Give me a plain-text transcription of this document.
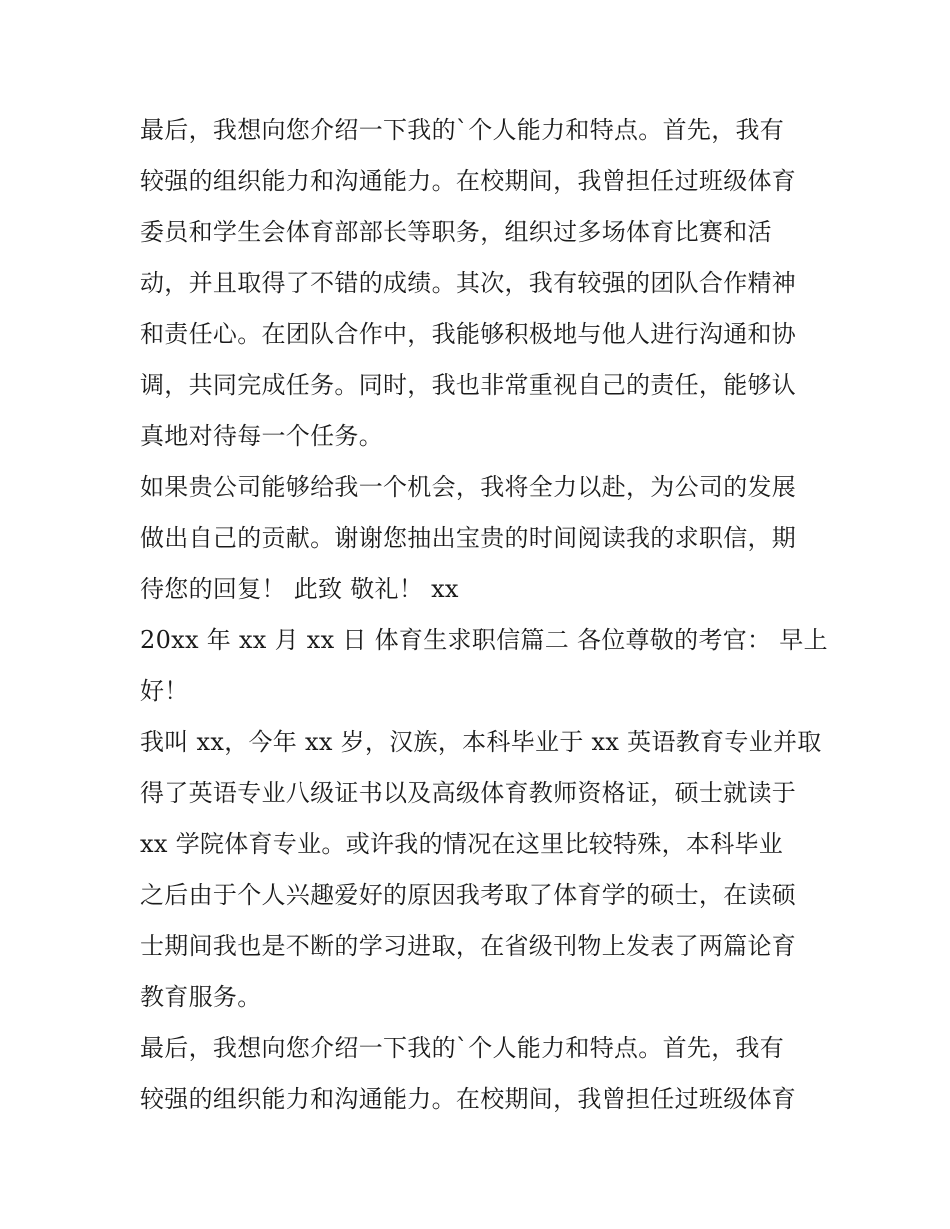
最后，我想向您介绍一下我的`个人能力和特点。首先，我有
较强的组织能力和沟通能力。在校期间，我曾担任过班级体育
委员和学生会体育部部长等职务，组织过多场体育比赛和活
动，并且取得了不错的成绩。其次，我有较强的团队合作精神
和责任心。在团队合作中，我能够积极地与他人进行沟通和协
调，共同完成任务。同时，我也非常重视自己的责任，能够认
真地对待每一个任务。
如果贵公司能够给我一个机会，我将全力以赴，为公司的发展
做出自己的贡献。谢谢您抽出宝贵的时间阅读我的求职信，期
待您的回复！ 此致 敬礼！ xx
20xx 年 xx 月 xx 日 体育生求职信篇二 各位尊敬的考官： 早上
好！
我叫 xx，今年 xx 岁，汉族，本科毕业于 xx 英语教育专业并取
得了英语专业八级证书以及高级体育教师资格证，硕士就读于
xx 学院体育专业。或许我的情况在这里比较特殊，本科毕业
之后由于个人兴趣爱好的原因我考取了体育学的硕士，在读硕
士期间我也是不断的学习进取，在省级刊物上发表了两篇论育
教育服务。
最后，我想向您介绍一下我的`个人能力和特点。首先，我有
较强的组织能力和沟通能力。在校期间，我曾担任过班级体育
